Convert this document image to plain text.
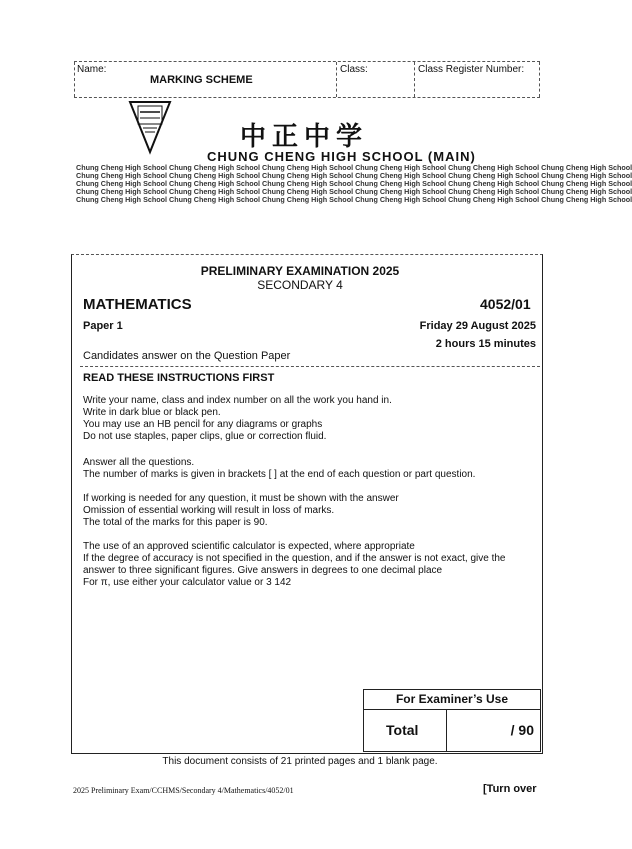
Name:
MARKING SCHEME
Class:	Class Register Number:
中正中学
CHUNG CHENG HIGH SCHOOL (MAIN)
Chung Cheng High School Chung Cheng High School Chung Cheng High School Chung Cheng High School Chung Cheng High School Chung Cheng High School
Chung Cheng High School Chung Cheng High School Chung Cheng High School Chung Cheng High School Chung Cheng High School Chung Cheng High School
Chung Cheng High School Chung Cheng High School Chung Cheng High School Chung Cheng High School Chung Cheng High School Chung Cheng High School
Chung Cheng High School Chung Cheng High School Chung Cheng High School Chung Cheng High School Chung Cheng High School Chung Cheng High School
Chung Cheng High School Chung Cheng High School Chung Cheng High School Chung Cheng High School Chung Cheng High School Chung Cheng High School
PRELIMINARY EXAMINATION 2025
SECONDARY 4
MATHEMATICS	4052/01
Paper 1	Friday 29 August 2025
2 hours 15 minutes
Candidates answer on the Question Paper
READ THESE INSTRUCTIONS FIRST
Write your name, class and index number on all the work you hand in.
Write in dark blue or black pen.
You may use an HB pencil for any diagrams or graphs
Do not use staples, paper clips, glue or correction fluid.
Answer all the questions.
The number of marks is given in brackets [ ] at the end of each question or part question.
If working is needed for any question, it must be shown with the answer
Omission of essential working will result in loss of marks.
The total of the marks for this paper is 90.
The use of an approved scientific calculator is expected, where appropriate
If the degree of accuracy is not specified in the question, and if the answer is not exact, give the
answer to three significant figures. Give answers in degrees to one decimal place
For π, use either your calculator value or 3 142
For Examiner’s Use
Total	/ 90
This document consists of 21 printed pages and 1 blank page.
2025 Preliminary Exam/CCHMS/Secondary 4/Mathematics/4052/01	[Turn over
